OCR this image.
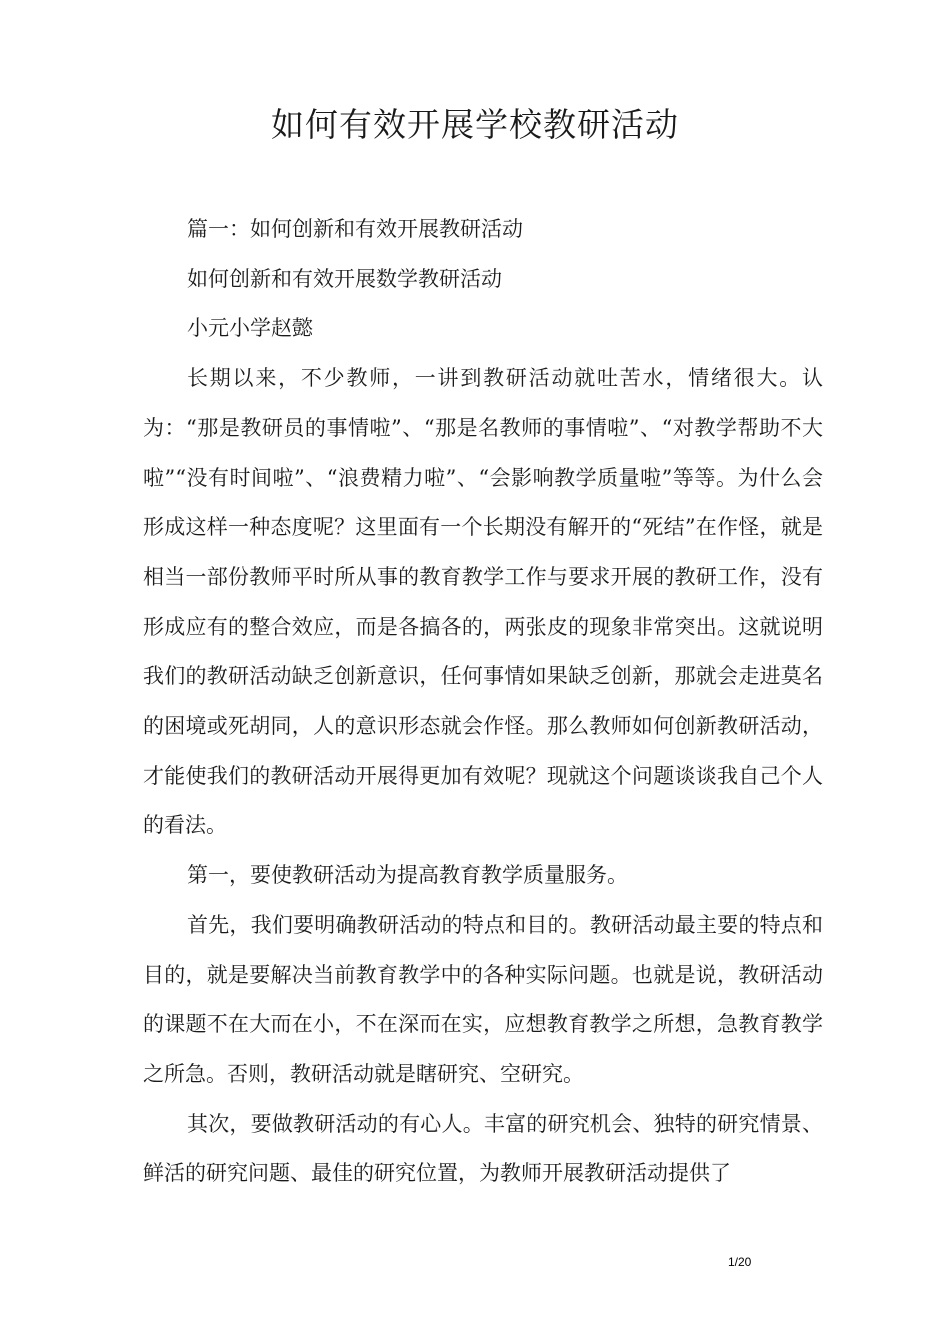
如何有效开展学校教研活动

篇一：如何创新和有效开展教研活动

如何创新和有效开展数学教研活动

小元小学赵懿

长期以来，不少教师，一讲到教研活动就吐苦水，情绪很大。认为：“那是教研员的事情啦”、“那是名教师的事情啦”、“对教学帮助不大啦”“没有时间啦”、“浪费精力啦”、“会影响教学质量啦”等等。为什么会形成这样一种态度呢？这里面有一个长期没有解开的“死结”在作怪，就是相当一部份教师平时所从事的教育教学工作与要求开展的教研工作，没有形成应有的整合效应，而是各搞各的，两张皮的现象非常突出。这就说明我们的教研活动缺乏创新意识，任何事情如果缺乏创新，那就会走进莫名的困境或死胡同，人的意识形态就会作怪。那么教师如何创新教研活动，才能使我们的教研活动开展得更加有效呢？现就这个问题谈谈我自己个人的看法。

第一，要使教研活动为提高教育教学质量服务。

首先，我们要明确教研活动的特点和目的。教研活动最主要的特点和目的，就是要解决当前教育教学中的各种实际问题。也就是说，教研活动的课题不在大而在小，不在深而在实，应想教育教学之所想，急教育教学之所急。否则，教研活动就是瞎研究、空研究。

其次，要做教研活动的有心人。丰富的研究机会、独特的研究情景、鲜活的研究问题、最佳的研究位置，为教师开展教研活动提供了

1/20
